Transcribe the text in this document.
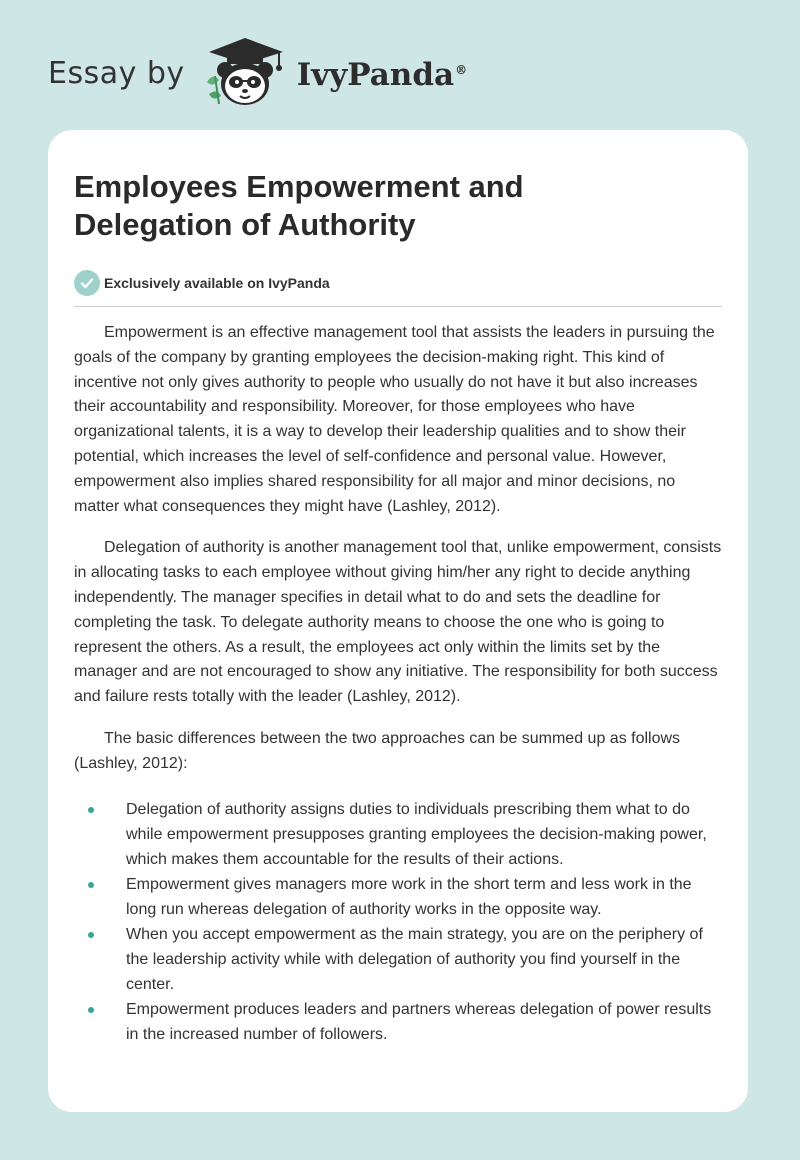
Essay by	IvyPanda®
Employees Empowerment and Delegation of Authority
Exclusively available on IvyPanda

Empowerment is an effective management tool that assists the leaders in pursuing the goals of the company by granting employees the decision-making right. This kind of incentive not only gives authority to people who usually do not have it but also increases their accountability and responsibility. Moreover, for those employees who have organizational talents, it is a way to develop their leadership qualities and to show their potential, which increases the level of self-confidence and personal value. However, empowerment also implies shared responsibility for all major and minor decisions, no matter what consequences they might have (Lashley, 2012).

Delegation of authority is another management tool that, unlike empowerment, consists in allocating tasks to each employee without giving him/her any right to decide anything independently. The manager specifies in detail what to do and sets the deadline for completing the task. To delegate authority means to choose the one who is going to represent the others. As a result, the employees act only within the limits set by the manager and are not encouraged to show any initiative. The responsibility for both success and failure rests totally with the leader (Lashley, 2012).

The basic differences between the two approaches can be summed up as follows (Lashley, 2012):

Delegation of authority assigns duties to individuals prescribing them what to do while empowerment presupposes granting employees the decision-making power, which makes them accountable for the results of their actions.
Empowerment gives managers more work in the short term and less work in the long run whereas delegation of authority works in the opposite way.
When you accept empowerment as the main strategy, you are on the periphery of the leadership activity while with delegation of authority you find yourself in the center.
Empowerment produces leaders and partners whereas delegation of power results in the increased number of followers.
